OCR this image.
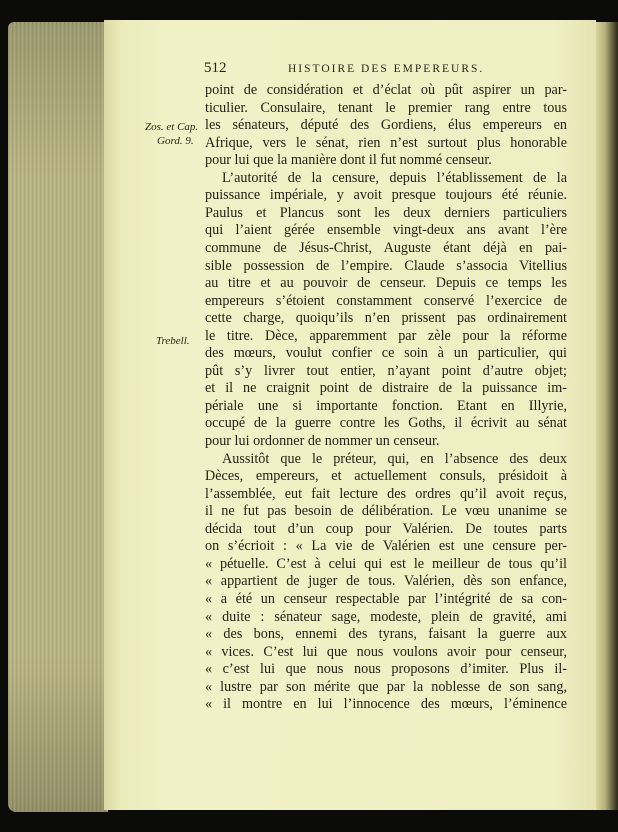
512	HISTOIRE DES EMPEREURS.
Zos. et Cap.
Gord. 9.
Trebell.
point de considération et d’éclat où pût aspirer un par-
ticulier. Consulaire, tenant le premier rang entre tous
les sénateurs, député des Gordiens, élus empereurs en
Afrique, vers le sénat, rien n’est surtout plus honorable
pour lui que la manière dont il fut nommé censeur.
L’autorité de la censure, depuis l’établissement de la
puissance impériale, y avoit presque toujours été réunie.
Paulus et Plancus sont les deux derniers particuliers
qui l’aient gérée ensemble vingt-deux ans avant l’ère
commune de Jésus-Christ, Auguste étant déjà en pai-
sible possession de l’empire. Claude s’associa Vitellius
au titre et au pouvoir de censeur. Depuis ce temps les
empereurs s’étoient constamment conservé l’exercice de
cette charge, quoiqu’ils n’en prissent pas ordinairement
le titre. Dèce, apparemment par zèle pour la réforme
des mœurs, voulut confier ce soin à un particulier, qui
pût s’y livrer tout entier, n’ayant point d’autre objet;
et il ne craignit point de distraire de la puissance im-
périale une si importante fonction. Etant en Illyrie,
occupé de la guerre contre les Goths, il écrivit au sénat
pour lui ordonner de nommer un censeur.
Aussitôt que le préteur, qui, en l’absence des deux
Dèces, empereurs, et actuellement consuls, présidoit à
l’assemblée, eut fait lecture des ordres qu’il avoit reçus,
il ne fut pas besoin de délibération. Le vœu unanime se
décida tout d’un coup pour Valérien. De toutes parts
on s’écrioit : « La vie de Valérien est une censure per-
« pétuelle. C’est à celui qui est le meilleur de tous qu’il
« appartient de juger de tous. Valérien, dès son enfance,
« a été un censeur respectable par l’intégrité de sa con-
« duite : sénateur sage, modeste, plein de gravité, ami
« des bons, ennemi des tyrans, faisant la guerre aux
« vices. C’est lui que nous voulons avoir pour censeur,
« c’est lui que nous nous proposons d’imiter. Plus il-
« lustre par son mérite que par la noblesse de son sang,
« il montre en lui l’innocence des mœurs, l’éminence
